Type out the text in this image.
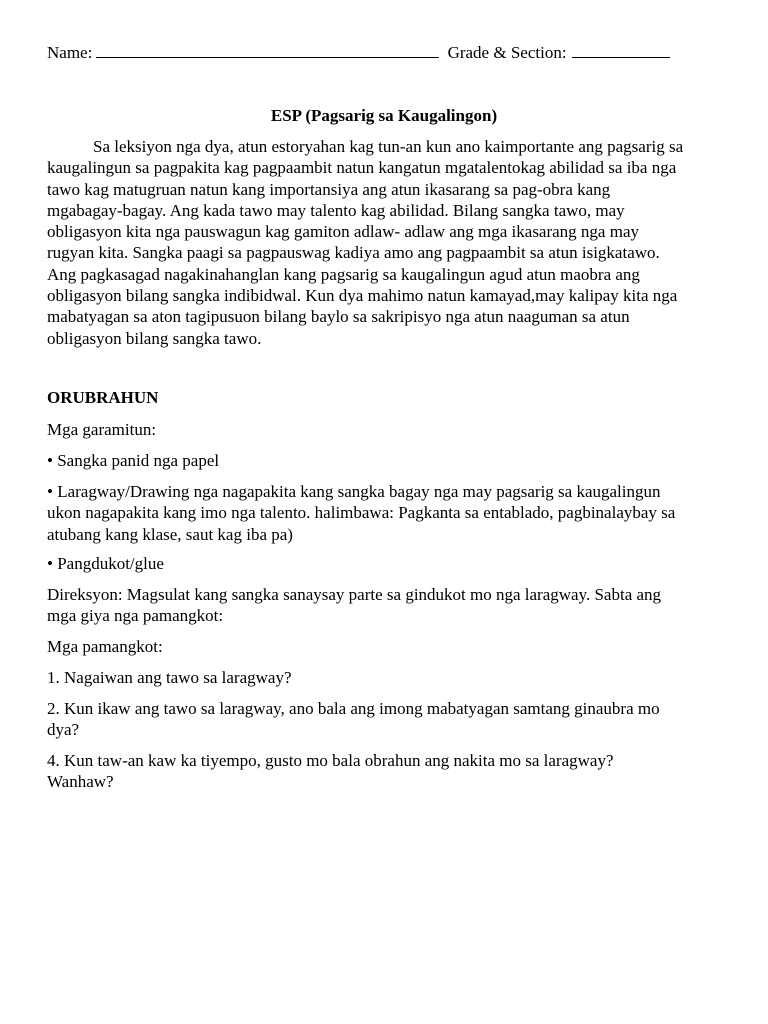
Name:	Grade & Section:
ESP (Pagsarig sa Kaugalingon)
Sa leksiyon nga dya, atun estoryahan kag tun-an kun ano kaimportante ang pagsarig sa
kaugalingun sa pagpakita kag pagpaambit natun kangatun mgatalentokag abilidad sa iba nga
tawo kag matugruan natun kang importansiya ang atun ikasarang sa pag-obra kang
mgabagay-bagay. Ang kada tawo may talento kag abilidad. Bilang sangka tawo, may
obligasyon kita nga pauswagun kag gamiton adlaw- adlaw ang mga ikasarang nga may
rugyan kita. Sangka paagi sa pagpauswag kadiya amo ang pagpaambit sa atun isigkatawo.
Ang pagkasagad nagakinahanglan kang pagsarig sa kaugalingun agud atun maobra ang
obligasyon bilang sangka indibidwal. Kun dya mahimo natun kamayad,may kalipay kita nga
mabatyagan sa aton tagipusuon bilang baylo sa sakripisyo nga atun naaguman sa atun
obligasyon bilang sangka tawo.
ORUBRAHUN
Mga garamitun:
• Sangka panid nga papel
• Laragway/Drawing nga nagapakita kang sangka bagay nga may pagsarig sa kaugalingun
ukon nagapakita kang imo nga talento. halimbawa: Pagkanta sa entablado, pagbinalaybay sa
atubang kang klase, saut kag iba pa)
• Pangdukot/glue
Direksyon: Magsulat kang sangka sanaysay parte sa gindukot mo nga laragway. Sabta ang
mga giya nga pamangkot:
Mga pamangkot:
1. Nagaiwan ang tawo sa laragway?
2. Kun ikaw ang tawo sa laragway, ano bala ang imong mabatyagan samtang ginaubra mo
dya?
4. Kun taw-an kaw ka tiyempo, gusto mo bala obrahun ang nakita mo sa laragway?
Wanhaw?
